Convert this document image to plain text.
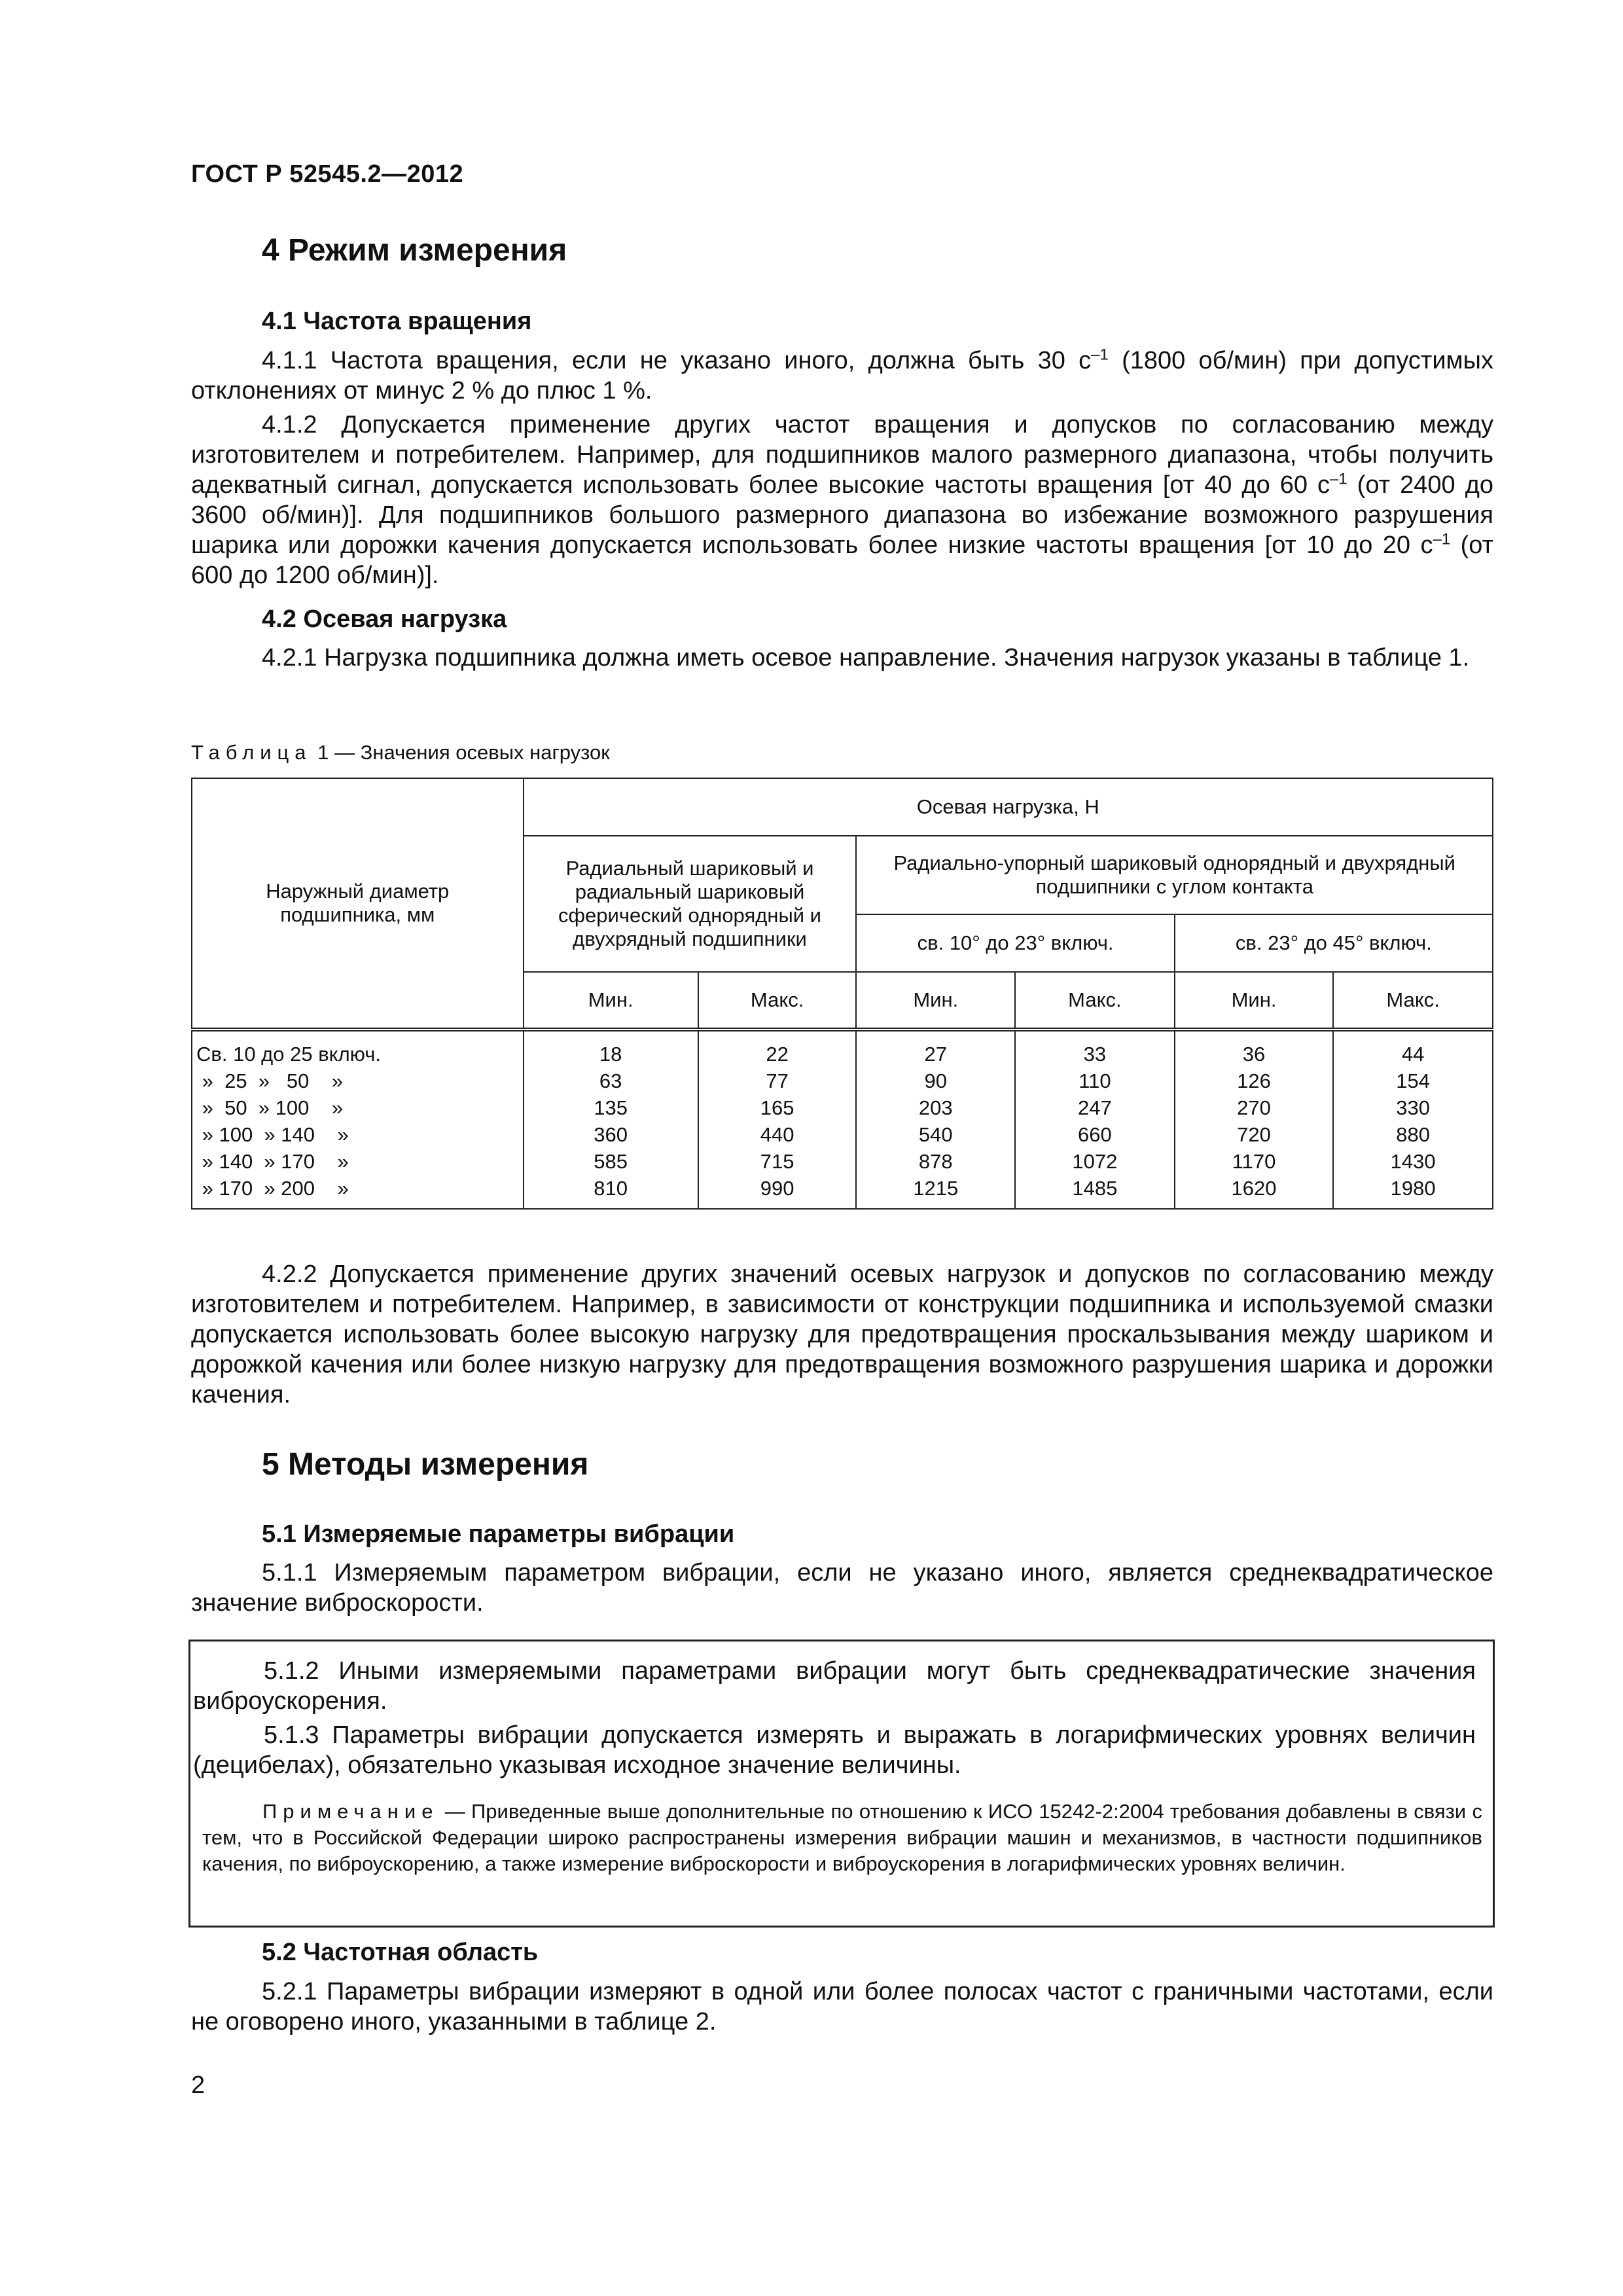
ГОСТ Р 52545.2—2012
4 Режим измерения
4.1 Частота вращения

4.1.1 Частота вращения, если не указано иного, должна быть 30 $с^{-1}$ (1800 об/мин) при допустимых отклонениях от минус 2 % до плюс 1 %.

4.1.2 Допускается применение других частот вращения и допусков по согласованию между изготовителем и потребителем. Например, для подшипников малого размерного диапазона, чтобы получить адекватный сигнал, допускается использовать более высокие частоты вращения [от 40 до 60 $с^{-1}$ (от 2400 до 3600 об/мин)]. Для подшипников большого размерного диапазона во избежание возможного разрушения шарика или дорожки качения допускается использовать более низкие частоты вращения [от 10 до 20 $с^{-1}$ (от 600 до 1200 об/мин)].

4.2 Осевая нагрузка

4.2.1 Нагрузка подшипника должна иметь осевое направление. Значения нагрузок указаны в таблице 1.

Таблица 1 — Значения осевых нагрузок
Наружный диаметр подшипника, мм	Осевая нагрузка, Н					
	Радиальный шариковый и радиальный шариковый сферический однорядный и двухрядный подшипники		Радиально-упорный шариковый однорядный и двухрядный подшипники с углом контакта			
			св. 10° до 23° включ.		св. 23° до 45° включ.	
	Мин.	Макс.	Мин.	Макс.	Мин.	Макс.
Св. 10 до 25 включ.	18	22	27	33	36	44
»  25  »   50    »	63	77	90	110	126	154
»  50  » 100    »	135	165	203	247	270	330
» 100  » 140    »	360	440	540	660	720	880
» 140  » 170    »	585	715	878	1072	1170	1430
» 170  » 200    »	810	990	1215	1485	1620	1980

4.2.2 Допускается применение других значений осевых нагрузок и допусков по согласованию между изготовителем и потребителем. Например, в зависимости от конструкции подшипника и используемой смазки допускается использовать более высокую нагрузку для предотвращения проскальзывания между шариком и дорожкой качения или более низкую нагрузку для предотвращения возможного разрушения шарика и дорожки качения.

5 Методы измерения
5.1 Измеряемые параметры вибрации

5.1.1 Измеряемым параметром вибрации, если не указано иного, является среднеквадратическое значение виброскорости.

5.1.2 Иными измеряемыми параметрами вибрации могут быть среднеквадратические значения виброускорения.

5.1.3 Параметры вибрации допускается измерять и выражать в логарифмических уровнях величин (децибелах), обязательно указывая исходное значение величины.

Примечание — Приведенные выше дополнительные по отношению к ИСО 15242-2:2004 требования добавлены в связи с тем, что в Российской Федерации широко распространены измерения вибрации машин и механизмов, в частности подшипников качения, по виброускорению, а также измерение виброскорости и виброускорения в логарифмических уровнях величин.

5.2 Частотная область

5.2.1 Параметры вибрации измеряют в одной или более полосах частот с граничными частотами, если не оговорено иного, указанными в таблице 2.

2
